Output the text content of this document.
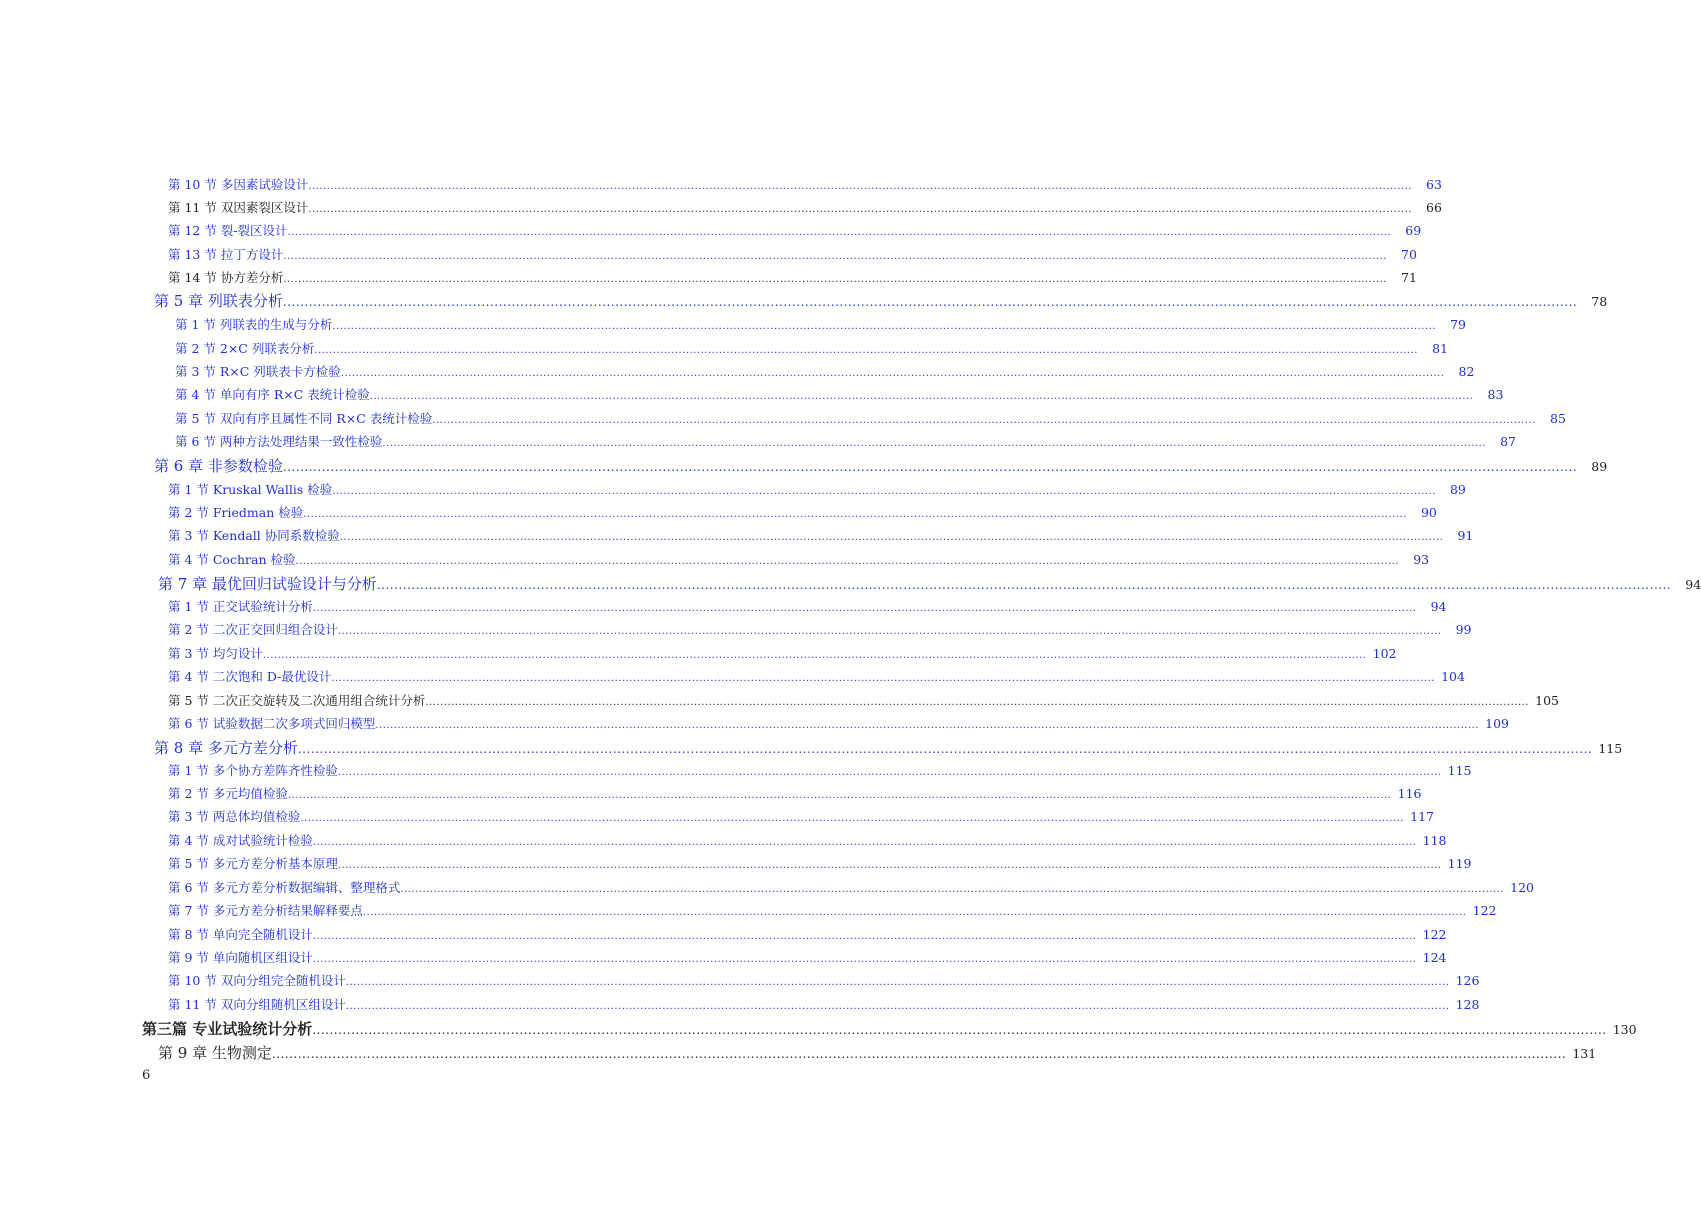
第 10 节 多因素试验设计 ............................................................................................................................................................................................................................................................................................................	63
第 11 节 双因素裂区设计 ............................................................................................................................................................................................................................................................................................................	66
第 12 节 裂-裂区设计 ............................................................................................................................................................................................................................................................................................................	69
第 13 节 拉丁方设计 ............................................................................................................................................................................................................................................................................................................	70
第 14 节 协方差分析 ............................................................................................................................................................................................................................................................................................................	71
第 5 章 列联表分析 ............................................................................................................................................................................................................................................................................................................	78
第 1 节 列联表的生成与分析 ............................................................................................................................................................................................................................................................................................................	79
第 2 节 2×C 列联表分析 ............................................................................................................................................................................................................................................................................................................	81
第 3 节 R×C 列联表卡方检验 ............................................................................................................................................................................................................................................................................................................	82
第 4 节 单向有序 R×C 表统计检验 ............................................................................................................................................................................................................................................................................................................	83
第 5 节 双向有序且属性不同 R×C 表统计检验 ............................................................................................................................................................................................................................................................................................................	85
第 6 节 两种方法处理结果一致性检验 ............................................................................................................................................................................................................................................................................................................	87
第 6 章 非参数检验 ............................................................................................................................................................................................................................................................................................................	89
第 1 节 Kruskal Wallis 检验 ............................................................................................................................................................................................................................................................................................................	89
第 2 节 Friedman 检验 ............................................................................................................................................................................................................................................................................................................	90
第 3 节 Kendall 协同系数检验 ............................................................................................................................................................................................................................................................................................................	91
第 4 节 Cochran 检验 ............................................................................................................................................................................................................................................................................................................	93
第 7 章 最优回归试验设计与分析 ............................................................................................................................................................................................................................................................................................................	94
第 1 节 正交试验统计分析 ............................................................................................................................................................................................................................................................................................................	94
第 2 节 二次正交回归组合设计 ............................................................................................................................................................................................................................................................................................................	99
第 3 节 均匀设计 ............................................................................................................................................................................................................................................................................................................ 102
第 4 节 二次饱和 D-最优设计 ............................................................................................................................................................................................................................................................................................................ 104
第 5 节 二次正交旋转及二次通用组合统计分析 ............................................................................................................................................................................................................................................................................................................ 105
第 6 节 试验数据二次多项式回归模型 ............................................................................................................................................................................................................................................................................................................ 109
第 8 章 多元方差分析 ............................................................................................................................................................................................................................................................................................................ 115
第 1 节 多个协方差阵齐性检验 ............................................................................................................................................................................................................................................................................................................ 115
第 2 节 多元均值检验 ............................................................................................................................................................................................................................................................................................................ 116
第 3 节 两总体均值检验 ............................................................................................................................................................................................................................................................................................................ 117
第 4 节 成对试验统计检验 ............................................................................................................................................................................................................................................................................................................ 118
第 5 节 多元方差分析基本原理 ............................................................................................................................................................................................................................................................................................................ 119
第 6 节 多元方差分析数据编辑、整理格式 ............................................................................................................................................................................................................................................................................................................ 120
第 7 节 多元方差分析结果解释要点 ............................................................................................................................................................................................................................................................................................................ 122
第 8 节 单向完全随机设计 ............................................................................................................................................................................................................................................................................................................ 122
第 9 节 单向随机区组设计 ............................................................................................................................................................................................................................................................................................................ 124
第 10 节 双向分组完全随机设计 ............................................................................................................................................................................................................................................................................................................ 126
第 11 节 双向分组随机区组设计 ............................................................................................................................................................................................................................................................................................................ 128
第三篇 专业试验统计分析 ............................................................................................................................................................................................................................................................................................................ 130
第 9 章 生物测定 ............................................................................................................................................................................................................................................................................................................ 131
6
